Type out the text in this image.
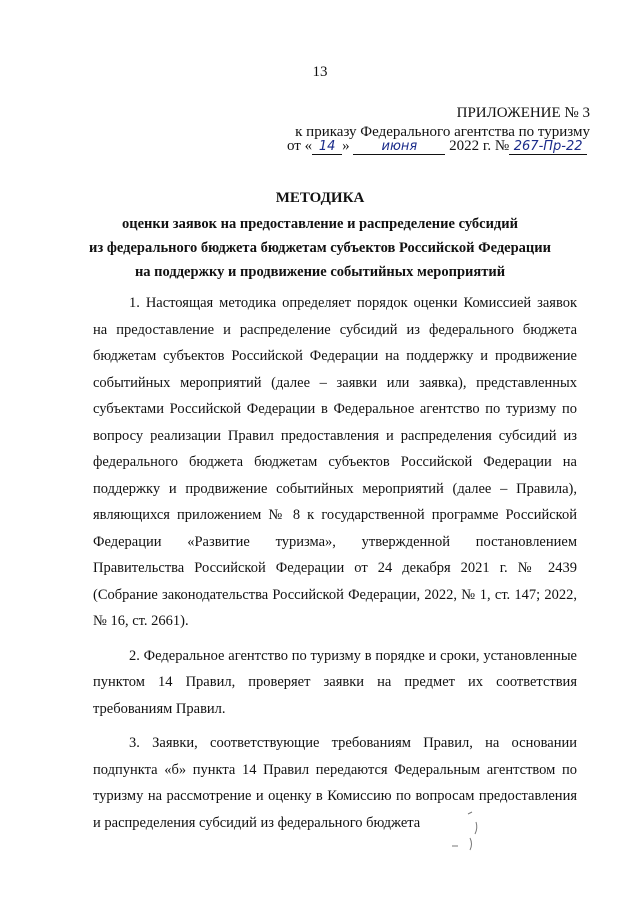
13
ПРИЛОЖЕНИЕ № 3
к приказу Федерального агентства по туризму
от « 14 » июня 2022 г. № 267-Пр-22
МЕТОДИКА
оценки заявок на предоставление и распределение субсидий
из федерального бюджета бюджетам субъектов Российской Федерации
на поддержку и продвижение событийных мероприятий

1. Настоящая методика определяет порядок оценки Комиссией заявок на предоставление и распределение субсидий из федерального бюджета бюджетам субъектов Российской Федерации на поддержку и продвижение событийных мероприятий (далее – заявки или заявка), представленных субъектами Российской Федерации в Федеральное агентство по туризму по вопросу реализации Правил предоставления и распределения субсидий из федерального бюджета бюджетам субъектов Российской Федерации на поддержку и продвижение событийных мероприятий (далее – Правила), являющихся приложением № 8 к государственной программе Российской Федерации «Развитие туризма», утвержденной постановлением Правительства Российской Федерации от 24 декабря 2021 г. № 2439 (Собрание законодательства Российской Федерации, 2022, № 1, ст. 147; 2022, № 16, ст. 2661).

2. Федеральное агентство по туризму в порядке и сроки, установленные пунктом 14 Правил, проверяет заявки на предмет их соответствия требованиям Правил.

3. Заявки, соответствующие требованиям Правил, на основании подпункта «б» пункта 14 Правил передаются Федеральным агентством по туризму на рассмотрение и оценку в Комиссию по вопросам предоставления и распределения субсидий из федерального бюджета
